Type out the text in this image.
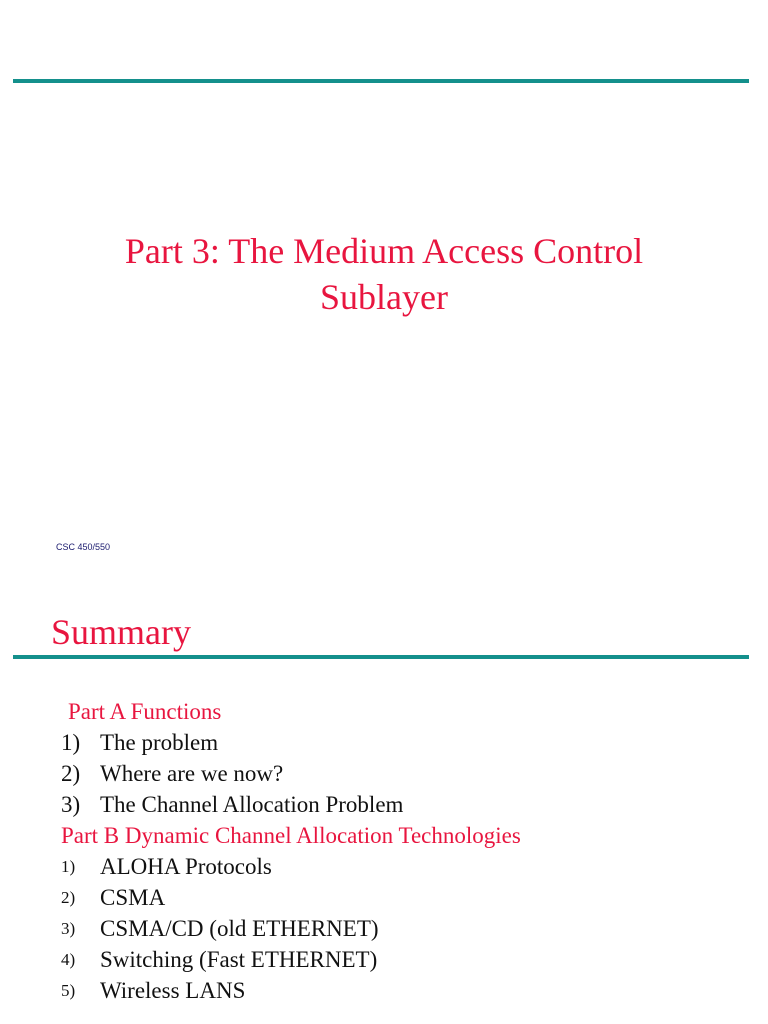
Part 3: The Medium Access Control
Sublayer
CSC 450/550
Summary
Part A Functions
1) The problem
2) Where are we now?
3) The Channel Allocation Problem
Part B Dynamic Channel Allocation Technologies
1) ALOHA Protocols
2) CSMA
3) CSMA/CD (old ETHERNET)
4) Switching (Fast ETHERNET)
5) Wireless LANS
